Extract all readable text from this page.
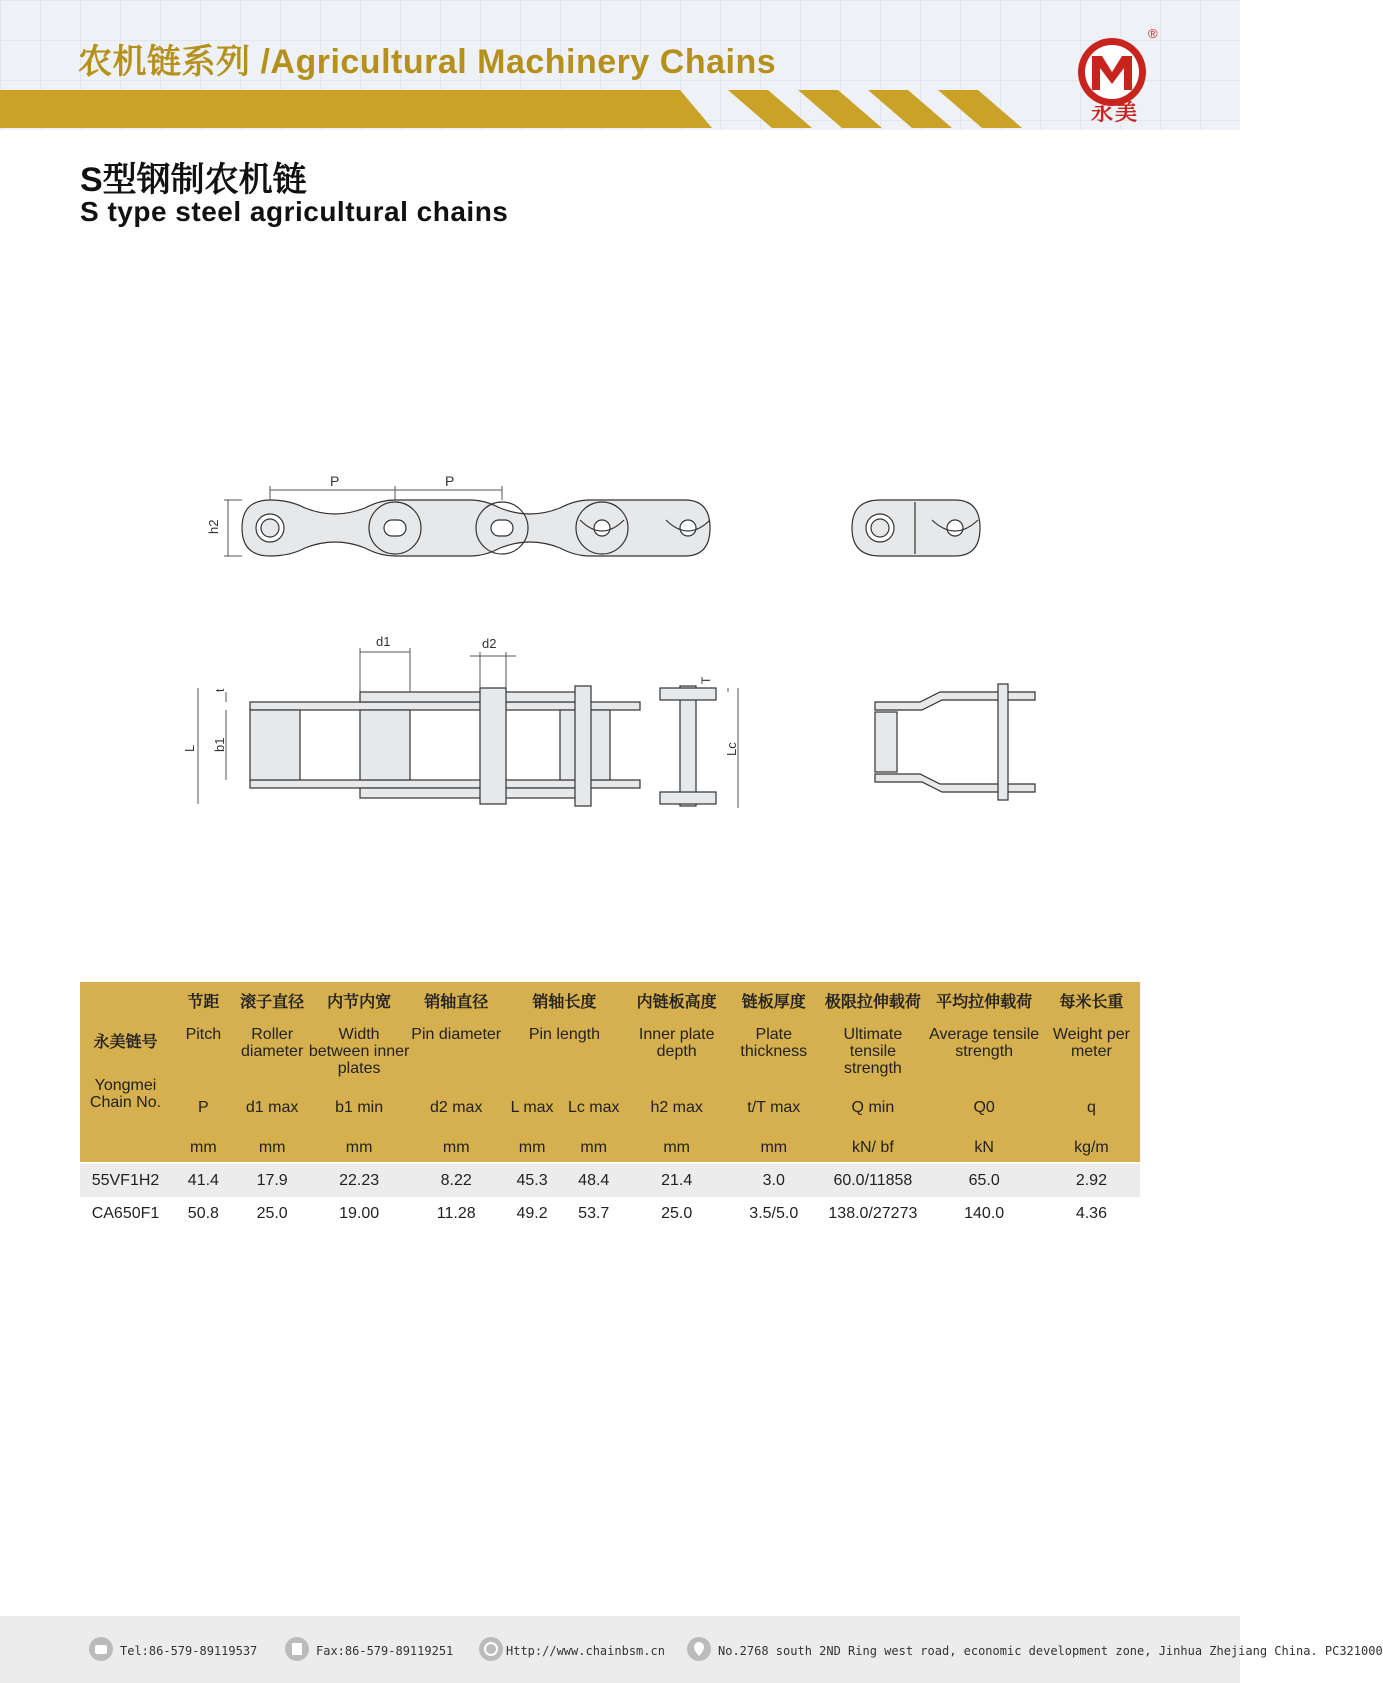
农机链系列 /Agricultural Machinery Chains
®
永美
S型钢制农机链
S type steel agricultural chains
P	P
h2
d1	d2
t
T
L b1	Lc
永美链号
Yongmei Chain No.	节距	滚子直径	内节内宽	销轴直径	销轴长度		内链板高度	链板厚度	极限拉伸载荷	平均拉伸载荷	每米长重
	Pitch	Roller diameter	Width between inner plates	Pin diameter	Pin length		Inner plate depth	Plate thickness	Ultimate tensile strength	Average tensile strength	Weight per meter
	P	d1 max	b1 min	d2 max	L max	Lc max	h2 max	t/T max	Q min	Q0	q
	mm	mm	mm	mm	mm	mm	mm	mm	kN/ bf	kN	kg/m
55VF1H2	41.4	17.9	22.23	8.22	45.3	48.4	21.4	3.0	60.0/11858	65.0	2.92
CA650F1	50.8	25.0	19.00	11.28	49.2	53.7	25.0	3.5/5.0	138.0/27273	140.0	4.36
Tel:86-579-89119537	Fax:86-579-89119251	Http://www.chainbsm.cn	No.2768 south 2ND Ring west road, economic development zone, Jinhua Zhejiang China. PC321000
